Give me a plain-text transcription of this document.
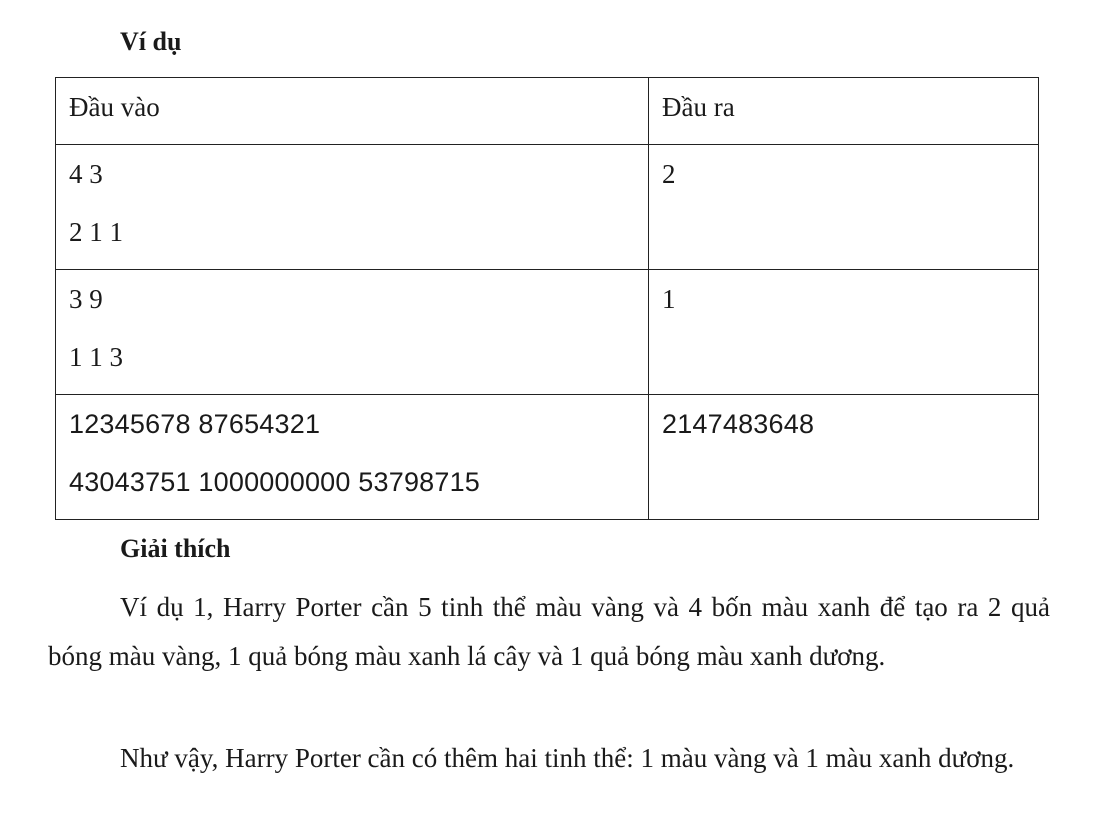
Ví dụ
Đầu vào	Đầu ra

4 3
2 1 1	2

3 9
1 1 3	1

12345678 87654321
43043751 1000000000 53798715	2147483648
Giải thích

Ví dụ 1, Harry Porter cần 5 tinh thể màu vàng và 4 bốn màu xanh để tạo ra 2 quả bóng màu vàng, 1 quả bóng màu xanh lá cây và 1 quả bóng màu xanh dương.

Như vậy, Harry Porter cần có thêm hai tinh thể: 1 màu vàng và 1 màu xanh dương.
